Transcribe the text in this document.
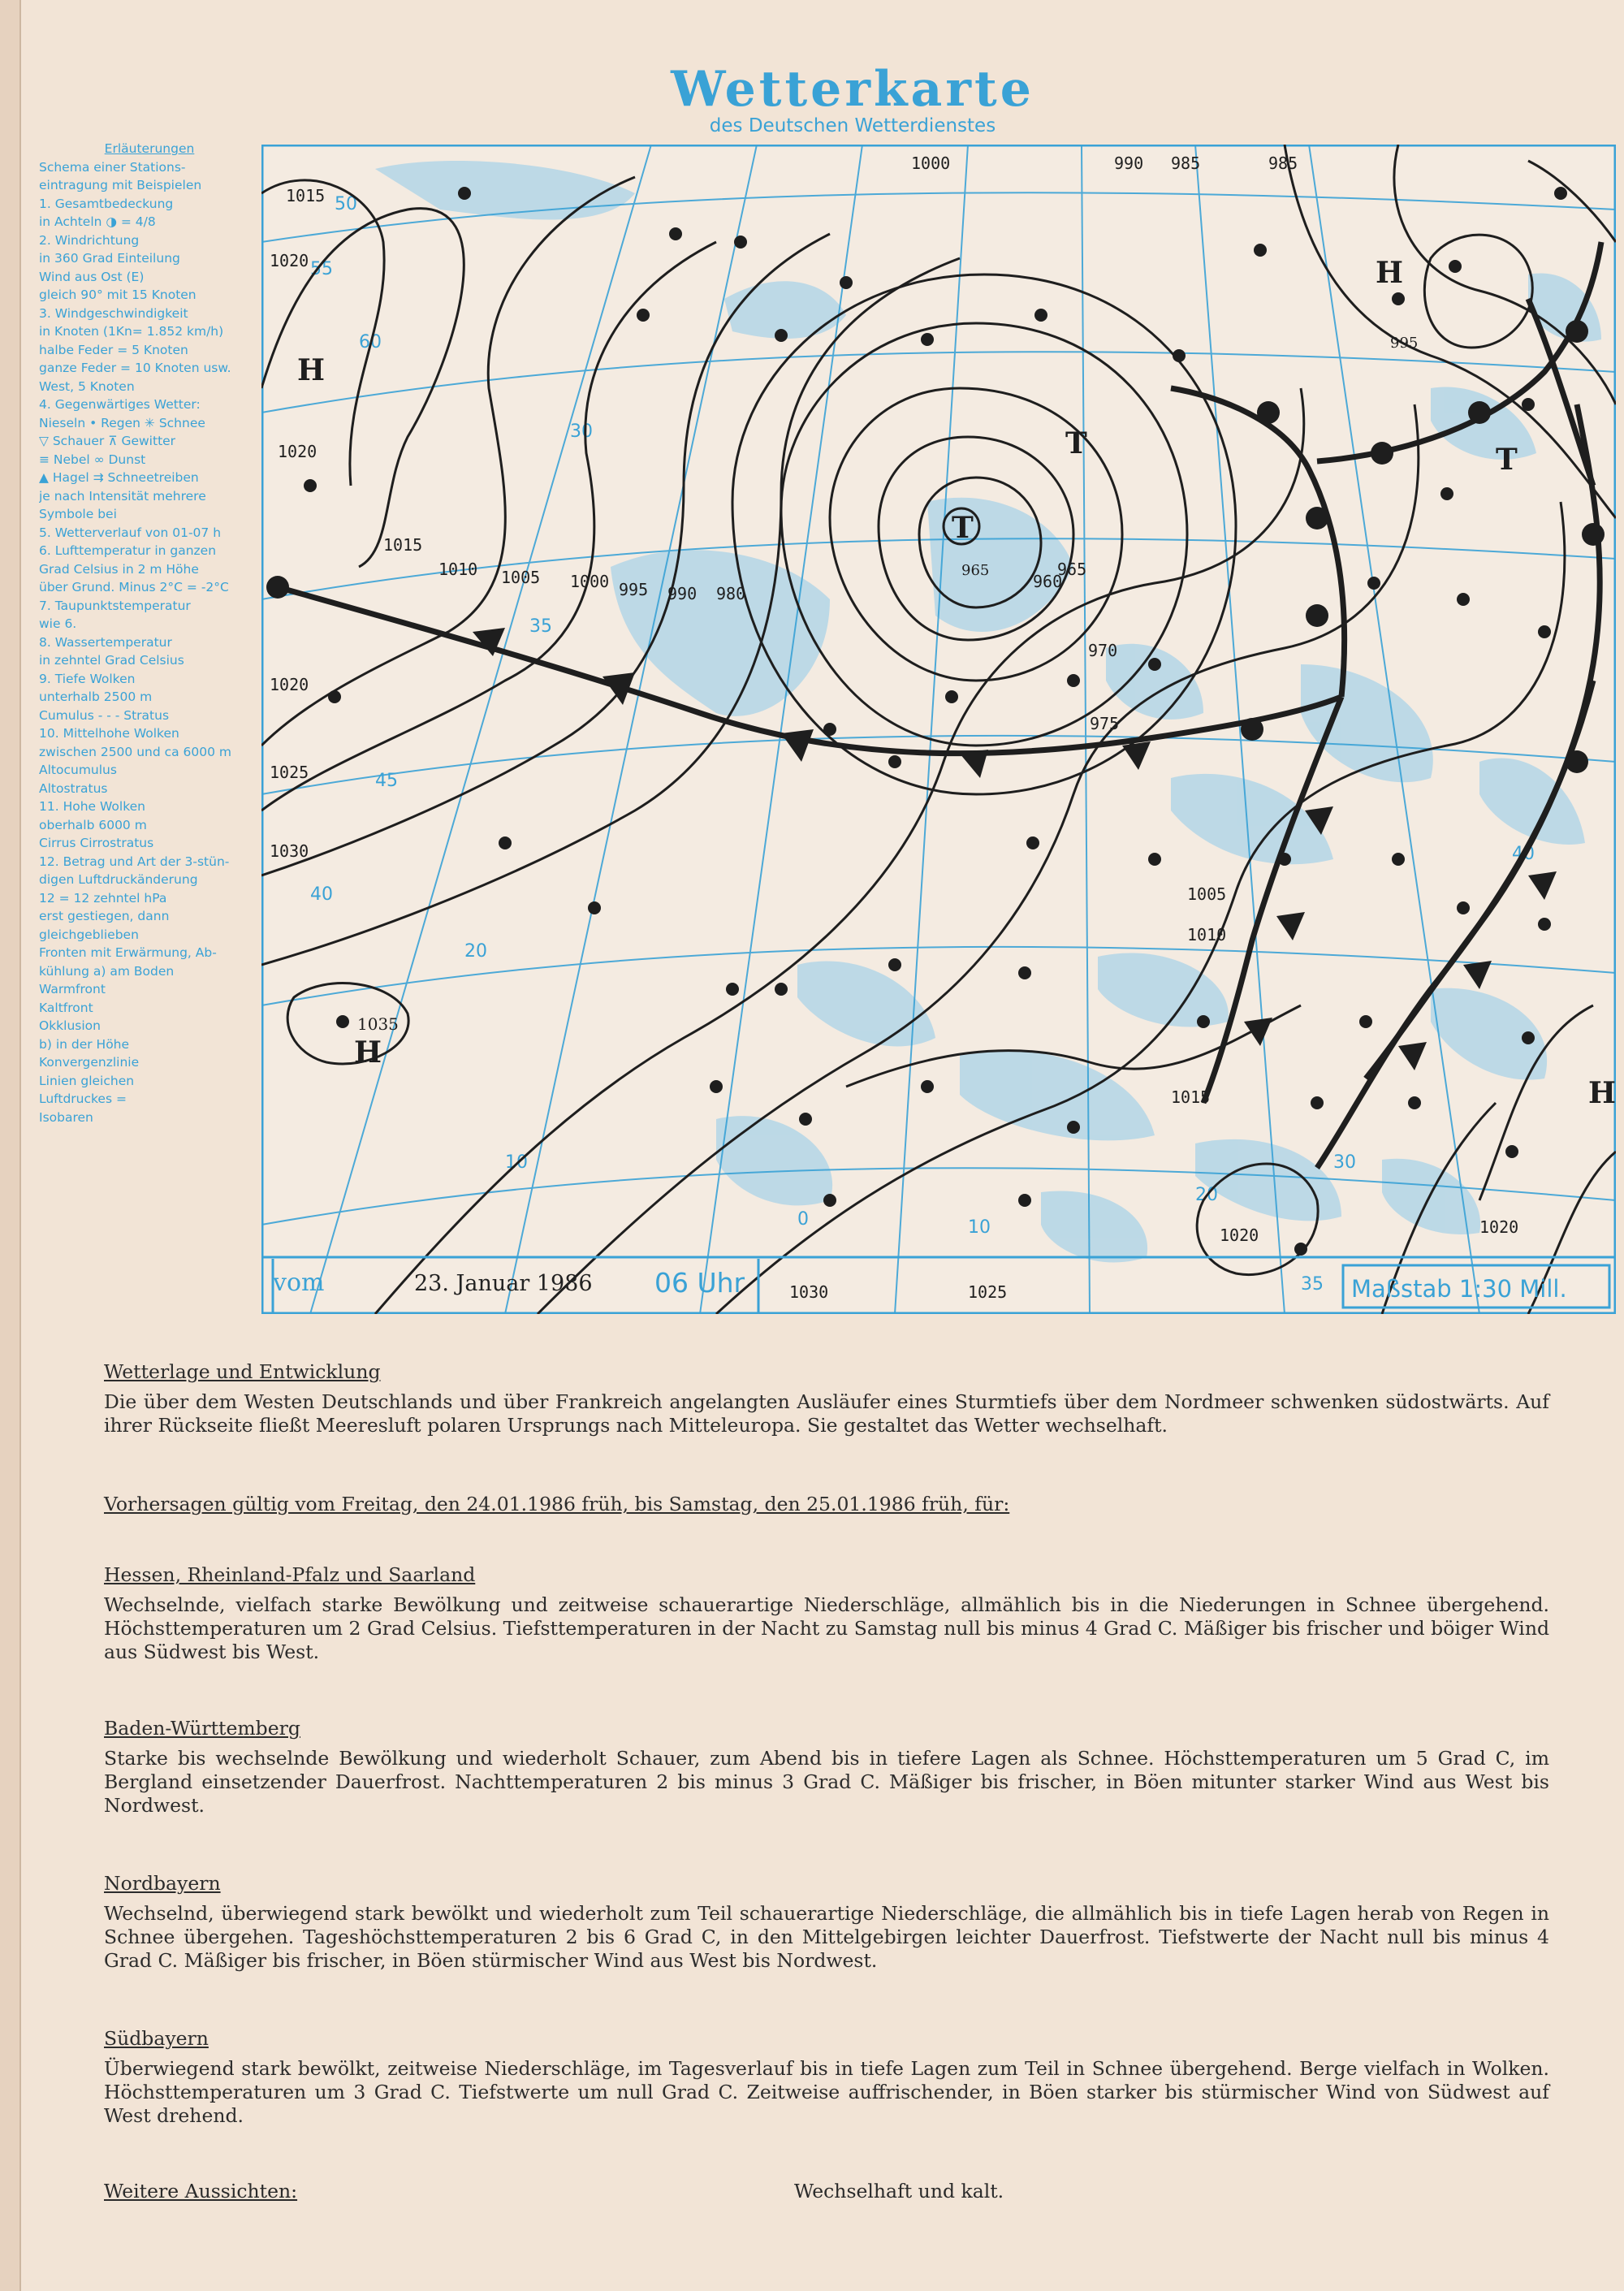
Wetterkarte
des Deutschen Wetterdienstes
Erläuterungen
Schema einer Stations-
eintragung mit Beispielen
1. Gesamtbedeckung
in Achteln ◑ = 4/8
2. Windrichtung
in 360 Grad Einteilung
Wind aus Ost (E)
gleich 90° mit 15 Knoten
3. Windgeschwindigkeit
in Knoten (1Kn= 1.852 km/h)
halbe Feder = 5 Knoten
ganze Feder = 10 Knoten usw.
West, 5 Knoten
4. Gegenwärtiges Wetter:
Nieseln • Regen ✳ Schnee
▽ Schauer ⊼ Gewitter
≡ Nebel ∞ Dunst
▲ Hagel ⇉ Schneetreiben
je nach Intensität mehrere
Symbole bei
5. Wetterverlauf von 01-07 h
6. Lufttemperatur in ganzen
Grad Celsius in 2 m Höhe
über Grund. Minus 2°C = -2°C
7. Taupunktstemperatur
wie 6.
8. Wassertemperatur
in zehntel Grad Celsius
9. Tiefe Wolken
unterhalb 2500 m
Cumulus - - - Stratus
10. Mittelhohe Wolken
zwischen 2500 und ca 6000 m
Altocumulus
Altostratus
11. Hohe Wolken
oberhalb 6000 m
Cirrus Cirrostratus
12. Betrag und Art der 3-stün-
digen Luftdruckänderung
12 = 12 zehntel hPa
erst gestiegen, dann
gleichgeblieben
Fronten mit Erwärmung, Ab-
kühlung a) am Boden
Warmfront
Kaltfront
Okklusion
b) in der Höhe
Konvergenzlinie
Linien gleichen
Luftdruckes =
Isobaren
50
55
60
30
35
40
45
20
10
0	10
20
30
40
35
1015
1015
1020
1020
1020
1025
1030
1010 1005 1000 995 990
985
980
975
970
965
960
990	985
1000
1015
1010
1005
1020
1025
1030
1020
H
H
1035
T
965
T
H
995
T
H
vom	23. Januar 1986 06 Uhr	Maßstab 1:30 Mill.
Wetterlage und Entwicklung

Die über dem Westen Deutschlands und über Frankreich angelangten Ausläufer eines Sturmtiefs über dem Nordmeer schwenken südostwärts. Auf ihrer Rückseite fließt Meeresluft polaren Ursprungs nach Mitteleuropa. Sie gestaltet das Wetter wechselhaft.

Vorhersagen gültig vom Freitag, den 24.01.1986 früh, bis Samstag, den 25.01.1986 früh, für:
Hessen, Rheinland-Pfalz und Saarland

Wechselnde, vielfach starke Bewölkung und zeitweise schauerartige Niederschläge, allmählich bis in die Niederungen in Schnee übergehend. Höchsttemperaturen um 2 Grad Celsius. Tiefsttemperaturen in der Nacht zu Samstag null bis minus 4 Grad C. Mäßiger bis frischer und böiger Wind aus Südwest bis West.

Baden-Württemberg

Starke bis wechselnde Bewölkung und wiederholt Schauer, zum Abend bis in tiefere Lagen als Schnee. Höchsttemperaturen um 5 Grad C, im Bergland einsetzender Dauerfrost. Nachttemperaturen 2 bis minus 3 Grad C. Mäßiger bis frischer, in Böen mitunter starker Wind aus West bis Nordwest.

Nordbayern

Wechselnd, überwiegend stark bewölkt und wiederholt zum Teil schauerartige Niederschläge, die allmählich bis in tiefe Lagen herab von Regen in Schnee übergehen. Tageshöchsttemperaturen 2 bis 6 Grad C, in den Mittelgebirgen leichter Dauerfrost. Tiefstwerte der Nacht null bis minus 4 Grad C. Mäßiger bis frischer, in Böen stürmischer Wind aus West bis Nordwest.

Südbayern

Überwiegend stark bewölkt, zeitweise Niederschläge, im Tagesverlauf bis in tiefe Lagen zum Teil in Schnee übergehend. Berge vielfach in Wolken. Höchsttemperaturen um 3 Grad C. Tiefstwerte um null Grad C. Zeitweise auffrischender, in Böen starker bis stürmischer Wind von Südwest auf West drehend.

Weitere Aussichten:	Wechselhaft und kalt.
